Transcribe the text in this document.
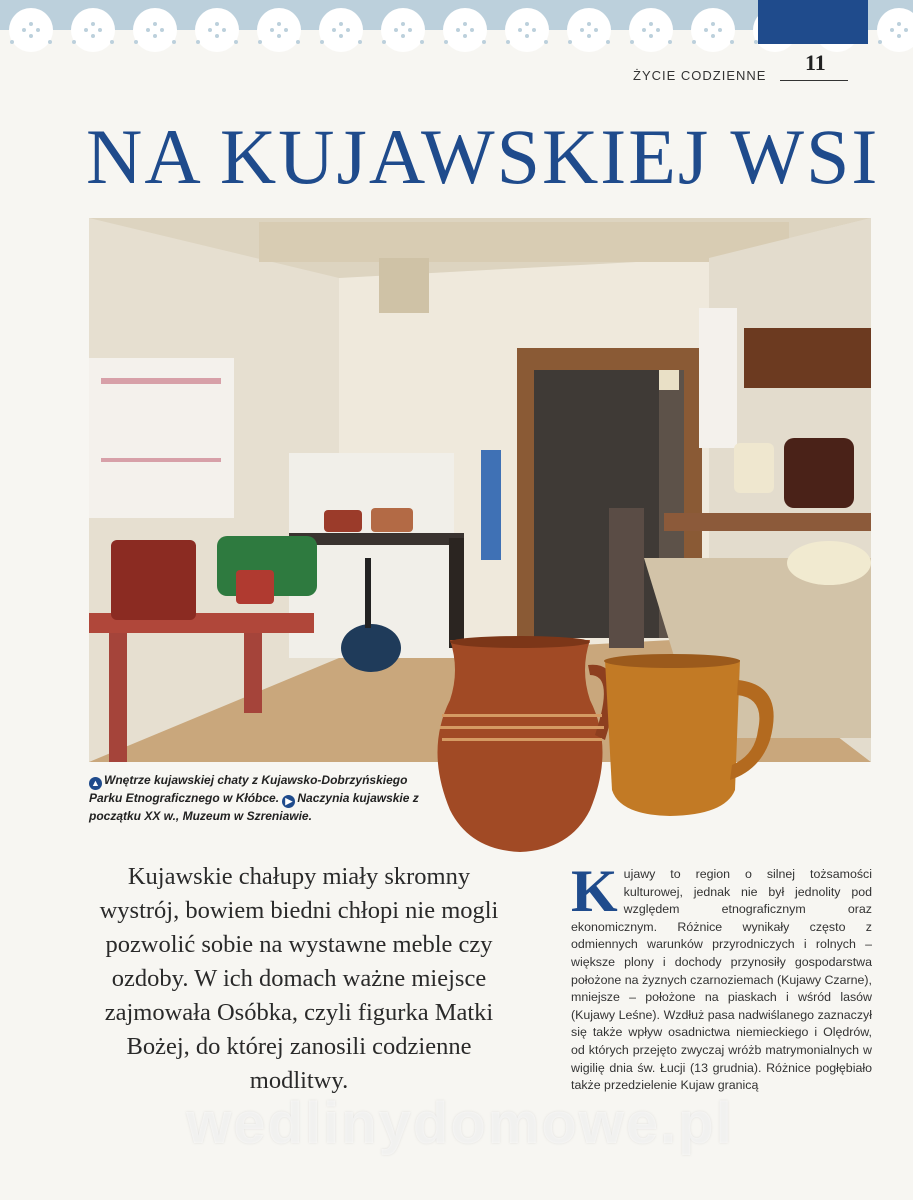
11
ŻYCIE CODZIENNE
NA KUJAWSKIEJ WSI
▲ Wnętrze kujawskiej chaty z Kujawsko-Dobrzyńskiego Parku Etnograficznego w Kłóbce. ▶ Naczynia kujawskie z początku XX w., Muzeum w Szreniawie.

Kujawskie chałupy miały skromny wystrój, bowiem biedni chłopi nie mogli pozwolić sobie na wystawne meble czy ozdoby. W ich domach ważne miejsce zajmowała Osóbka, czyli figurka Matki Bożej, do której zanosili codzienne modlitwy.

Kujawy to region o silnej tożsamości kulturowej, jednak nie był jednolity pod względem etnograficznym oraz ekonomicznym. Różnice wynikały często z odmiennych warunków przyrodniczych i rolnych – większe plony i dochody przynosiły gospodarstwa położone na żyznych czarnoziemach (Kujawy Czarne), mniejsze – położone na piaskach i wśród lasów (Kujawy Leśne). Wzdłuż pasa nadwiślanego zaznaczył się także wpływ osadnictwa niemieckiego i Olędrów, od których przejęto zwyczaj wróżb matrymonialnych w wigilię dnia św. Łucji (13 grudnia). Różnice pogłębiało także przedzielenie Kujaw granicą
wedlinydomowe.pl
